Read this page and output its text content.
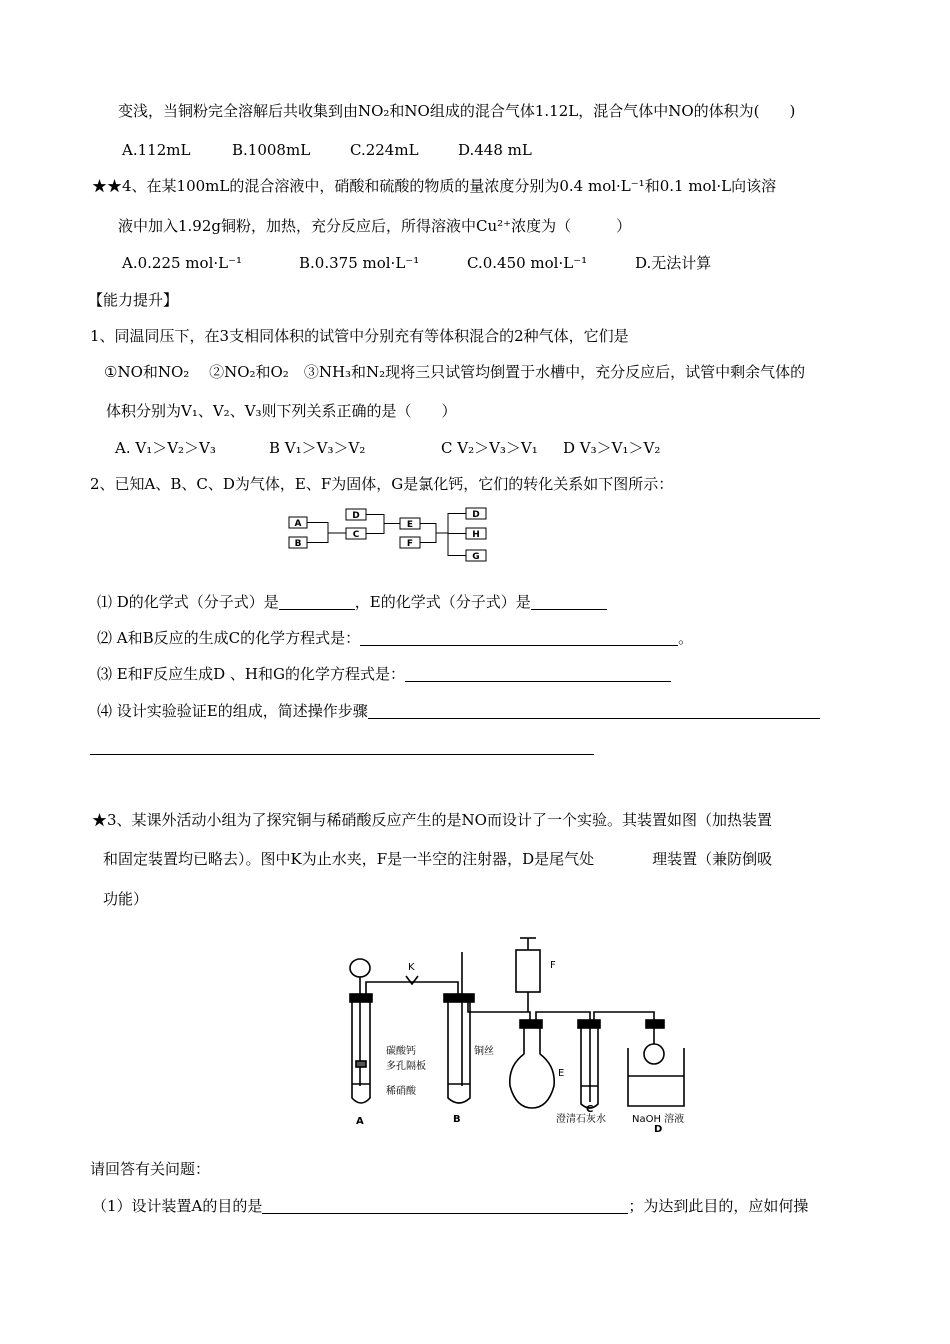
变浅，当铜粉完全溶解后共收集到由NO₂和NO组成的混合气体1.12L，混合气体中NO的体积为(　　)
A.112mL	B.1008mL	C.224mL	D.448 mL
★★4、在某100mL的混合溶液中，硝酸和硫酸的物质的量浓度分别为0.4 mol·L⁻¹和0.1 mol·L向该溶
液中加入1.92g铜粉，加热，充分反应后，所得溶液中Cu²⁺浓度为（　　　）
A.0.225 mol·L⁻¹	B.0.375 mol·L⁻¹	C.0.450 mol·L⁻¹	D.无法计算
【能力提升】
1、同温同压下，在3支相同体积的试管中分别充有等体积混合的2种气体，它们是
①NO和NO₂　 ②NO₂和O₂　③NH₃和N₂现将三只试管均倒置于水槽中，充分反应后，试管中剩余气体的
体积分别为V₁、V₂、V₃则下列关系正确的是（　　）
A. V₁＞V₂＞V₃	B V₁＞V₃＞V₂	C V₂＞V₃＞V₁ D V₃＞V₁＞V₂
2、已知A、B、C、D为气体，E、F为固体，G是氯化钙，它们的转化关系如下图所示：
A
B
D
C
E
F
D
H
G
⑴ D的化学式（分子式）是	，E的化学式（分子式）是
⑵ A和B反应的生成C的化学方程式是：	。
⑶ E和F反应生成D 、H和G的化学方程式是：
⑷ 设计实验验证E的组成，简述操作步骤
★3、某课外活动小组为了探究铜与稀硝酸反应产生的是NO而设计了一个实验。其装置如图（加热装置
和固定装置均已略去）。图中K为止水夹，F是一半空的注射器，D是尾气处	理装置（兼防倒吸
功能）
K	F
E
碳酸钙
多孔隔板
稀硝酸
铜丝
澄清石灰水	NaOH 溶液
A	B
C
D
请回答有关问题：
（1）设计装置A的目的是	；为达到此目的，应如何操
